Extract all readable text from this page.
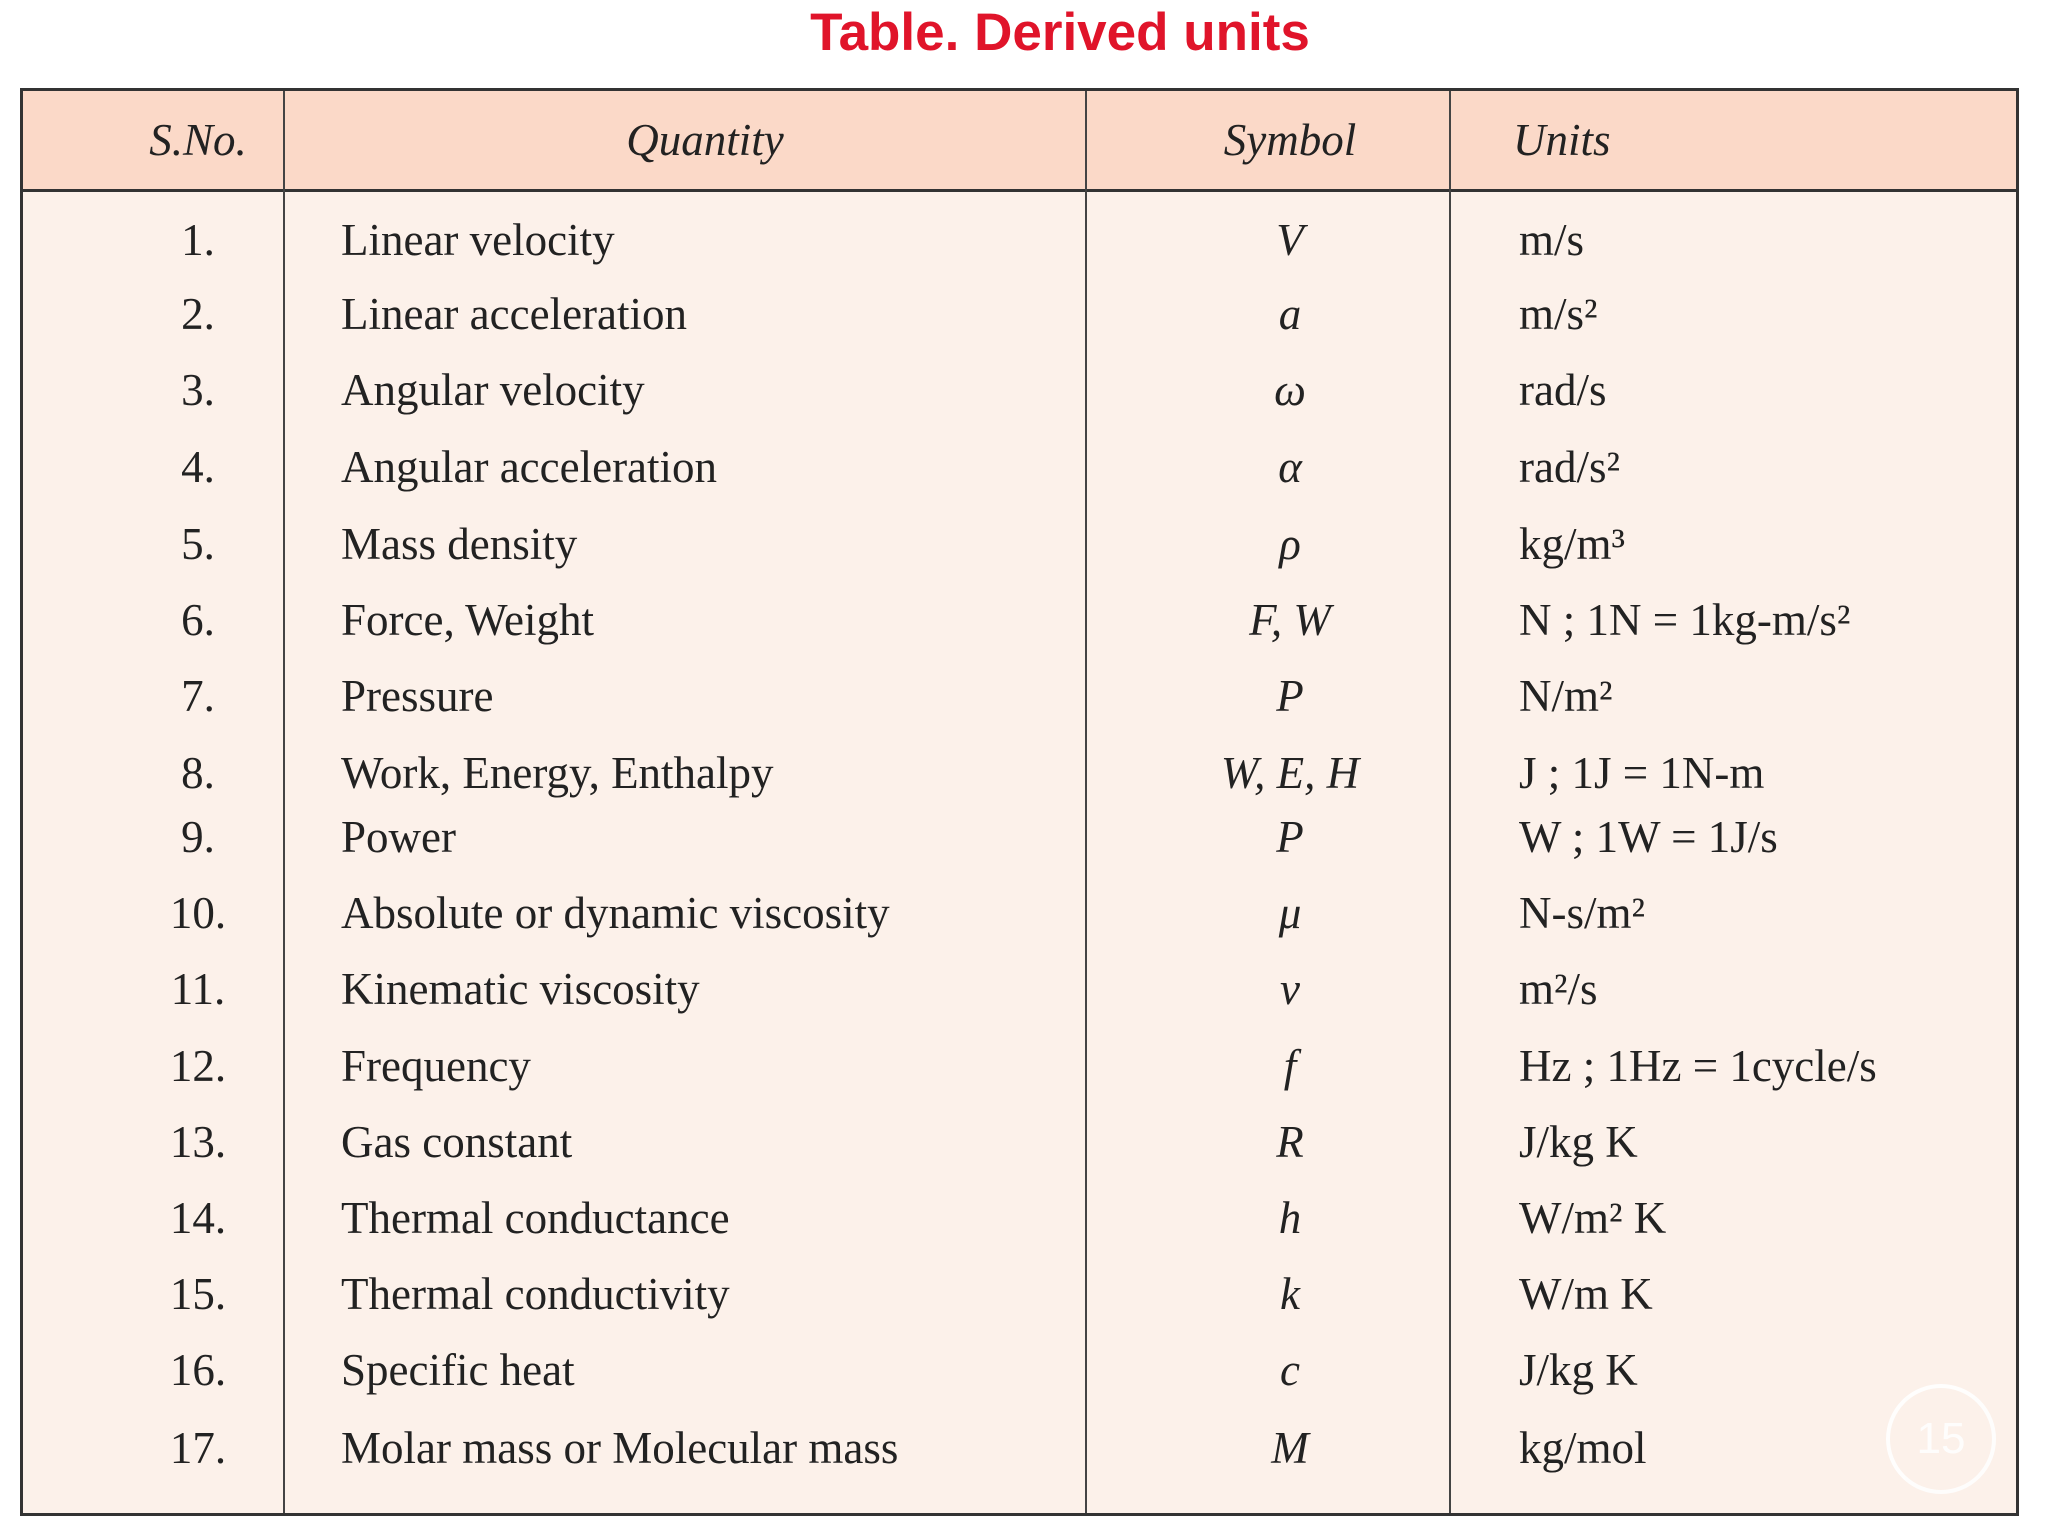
Table. Derived units
S.No.	Quantity	Symbol	Units
1.	Linear velocity	V	m/s
2.	Linear acceleration	a	m/s²
3.	Angular velocity	ω	rad/s
4.	Angular acceleration	α	rad/s²
5.	Mass density	ρ	kg/m³
6.	Force, Weight	F, W	N ; 1N = 1kg-m/s²
7.	Pressure	P	N/m²
8.	Work, Energy, Enthalpy	W, E, H	J ; 1J = 1N-m
9.	Power	P	W ; 1W = 1J/s
10.	Absolute or dynamic viscosity	μ	N-s/m²
11.	Kinematic viscosity	ν	m²/s
12.	Frequency	f	Hz ; 1Hz = 1cycle/s
13.	Gas constant	R	J/kg K
14.	Thermal conductance	h	W/m² K
15.	Thermal conductivity	k	W/m K
16.	Specific heat	c	J/kg K
17.	Molar mass or Molecular mass	M	kg/mol	15
